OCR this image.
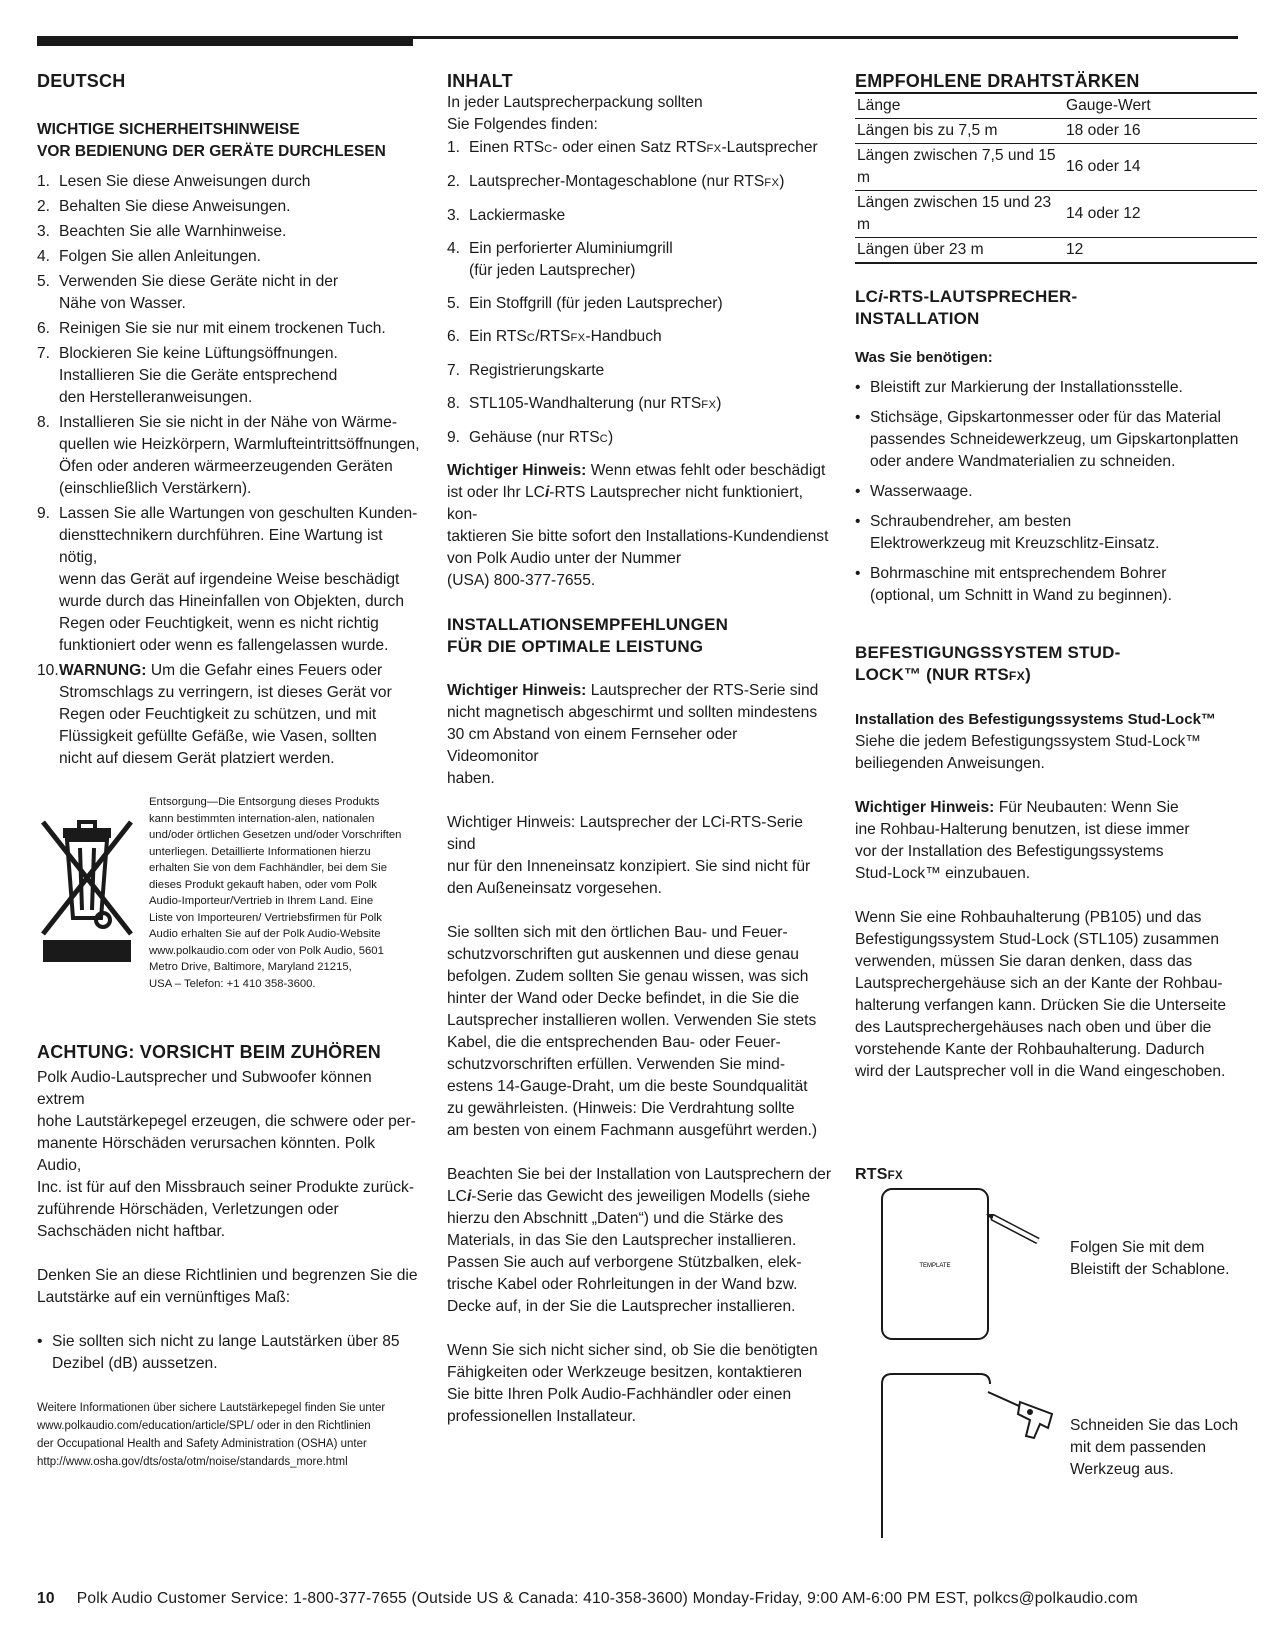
DEUTSCH
WICHTIGE SICHERHEITSHINWEISE
VOR BEDIENUNG DER GERÄTE DURCHLESEN
1. Lesen Sie diese Anweisungen durch
2. Behalten Sie diese Anweisungen.
3. Beachten Sie alle Warnhinweise.
4. Folgen Sie allen Anleitungen.
5. Verwenden Sie diese Geräte nicht in der
Nähe von Wasser.
6. Reinigen Sie sie nur mit einem trockenen Tuch.
7. Blockieren Sie keine Lüftungsöffnungen.
Installieren Sie die Geräte entsprechend
den Herstelleranweisungen.
8. Installieren Sie sie nicht in der Nähe von Wärme-
quellen wie Heizkörpern, Warmlufteintrittsöffnungen,
Öfen oder anderen wärmeerzeugenden Geräten
(einschließlich Verstärkern).
9. Lassen Sie alle Wartungen von geschulten Kunden-
diensttechnikern durchführen. Eine Wartung ist nötig,
wenn das Gerät auf irgendeine Weise beschädigt
wurde durch das Hineinfallen von Objekten, durch
Regen oder Feuchtigkeit, wenn es nicht richtig
funktioniert oder wenn es fallengelassen wurde.
10. WARNUNG: Um die Gefahr eines Feuers oder
Stromschlags zu verringern, ist dieses Gerät vor
Regen oder Feuchtigkeit zu schützen, und mit
Flüssigkeit gefüllte Gefäße, wie Vasen, sollten
nicht auf diesem Gerät platziert werden.
Entsorgung—Die Entsorgung dieses Produkts
kann bestimmten internation-alen, nationalen
und/oder örtlichen Gesetzen und/oder Vorschriften
unterliegen. Detaillierte Informationen hierzu
erhalten Sie von dem Fachhändler, bei dem Sie
dieses Produkt gekauft haben, oder vom Polk
Audio-Importeur/Vertrieb in Ihrem Land. Eine
Liste von Importeuren/ Vertriebsfirmen für Polk
Audio erhalten Sie auf der Polk Audio-Website
www.polkaudio.com oder von Polk Audio, 5601
Metro Drive, Baltimore, Maryland 21215,
USA – Telefon: +1 410 358-3600.
ACHTUNG: VORSICHT BEIM ZUHÖREN

Polk Audio-Lautsprecher und Subwoofer können extrem
hohe Lautstärkepegel erzeugen, die schwere oder per-
manente Hörschäden verursachen könnten. Polk Audio,
Inc. ist für auf den Missbrauch seiner Produkte zurück-
zuführende Hörschäden, Verletzungen oder
Sachschäden nicht haftbar.

Denken Sie an diese Richtlinien und begrenzen Sie die
Lautstärke auf ein vernünftiges Maß:

• Sie sollten sich nicht zu lange Lautstärken über 85
Dezibel (dB) aussetzen.

Weitere Informationen über sichere Lautstärkepegel finden Sie unter
www.polkaudio.com/education/article/SPL/ oder in den Richtlinien
der Occupational Health and Safety Administration (OSHA) unter
http://www.osha.gov/dts/osta/otm/noise/standards_more.html

INHALT

In jeder Lautsprecherpackung sollten
Sie Folgendes finden:

1. Einen RTSC- oder einen Satz RTSFX-Lautsprecher
2. Lautsprecher-Montageschablone (nur RTSFX)
3. Lackiermaske
4. Ein perforierter Aluminiumgrill
(für jeden Lautsprecher)
5. Ein Stoffgrill (für jeden Lautsprecher)
6. Ein RTSC/RTSFX-Handbuch
7. Registrierungskarte
8. STL105-Wandhalterung (nur RTSFX)
9. Gehäuse (nur RTSC)

Wichtiger Hinweis: Wenn etwas fehlt oder beschädigt
ist oder Ihr LCi-RTS Lautsprecher nicht funktioniert, kon-
taktieren Sie bitte sofort den Installations-Kundendienst
von Polk Audio unter der Nummer
(USA) 800-377-7655.

INSTALLATIONSEMPFEHLUNGEN
FÜR DIE OPTIMALE LEISTUNG

Wichtiger Hinweis: Lautsprecher der RTS-Serie sind
nicht magnetisch abgeschirmt und sollten mindestens
30 cm Abstand von einem Fernseher oder Videomonitor
haben.

Wichtiger Hinweis: Lautsprecher der LCi-RTS-Serie sind
nur für den Inneneinsatz konzipiert. Sie sind nicht für
den Außeneinsatz vorgesehen.

Sie sollten sich mit den örtlichen Bau- und Feuer-
schutzvorschriften gut auskennen und diese genau
befolgen. Zudem sollten Sie genau wissen, was sich
hinter der Wand oder Decke befindet, in die Sie die
Lautsprecher installieren wollen. Verwenden Sie stets
Kabel, die die entsprechenden Bau- oder Feuer-
schutzvorschriften erfüllen. Verwenden Sie mind-
estens 14-Gauge-Draht, um die beste Soundqualität
zu gewährleisten. (Hinweis: Die Verdrahtung sollte
am besten von einem Fachmann ausgeführt werden.)

Beachten Sie bei der Installation von Lautsprechern der
LCi-Serie das Gewicht des jeweiligen Modells (siehe
hierzu den Abschnitt „Daten“) und die Stärke des
Materials, in das Sie den Lautsprecher installieren.
Passen Sie auch auf verborgene Stützbalken, elek-
trische Kabel oder Rohrleitungen in der Wand bzw.
Decke auf, in der Sie die Lautsprecher installieren.

Wenn Sie sich nicht sicher sind, ob Sie die benötigten
Fähigkeiten oder Werkzeuge besitzen, kontaktieren
Sie bitte Ihren Polk Audio-Fachhändler oder einen
professionellen Installateur.

EMPFOHLENE DRAHTSTÄRKEN
Länge	Gauge-Wert
Längen bis zu 7,5 m	18 oder 16
Längen zwischen 7,5 und 15 m	16 oder 14
Längen zwischen 15 und 23 m	14 oder 12
Längen über 23 m	12
LCi-RTS-LAUTSPRECHER-
INSTALLATION
Was Sie benötigen:
• Bleistift zur Markierung der Installationsstelle.
• Stichsäge, Gipskartonmesser oder für das Material
passendes Schneidewerkzeug, um Gipskartonplatten
oder andere Wandmaterialien zu schneiden.
• Wasserwaage.
• Schraubendreher, am besten
Elektrowerkzeug mit Kreuzschlitz-Einsatz.
• Bohrmaschine mit entsprechendem Bohrer
(optional, um Schnitt in Wand zu beginnen).
BEFESTIGUNGSSYSTEM STUD-
LOCK™ (NUR RTSFX)

Installation des Befestigungssystems Stud-Lock™
Siehe die jedem Befestigungssystem Stud-Lock™
beiliegenden Anweisungen.

Wichtiger Hinweis: Für Neubauten: Wenn Sie
ine Rohbau-Halterung benutzen, ist diese immer
vor der Installation des Befestigungssystems
Stud-Lock™ einzubauen.

Wenn Sie eine Rohbauhalterung (PB105) und das
Befestigungssystem Stud-Lock (STL105) zusammen
verwenden, müssen Sie daran denken, dass das
Lautsprechergehäuse sich an der Kante der Rohbau-
halterung verfangen kann. Drücken Sie die Unterseite
des Lautsprechergehäuses nach oben und über die
vorstehende Kante der Rohbauhalterung. Dadurch
wird der Lautsprecher voll in die Wand eingeschoben.

RTSFX
TEMPLATE
Folgen Sie mit dem
Bleistift der Schablone.
Schneiden Sie das Loch
mit dem passenden
Werkzeug aus.
10 Polk Audio Customer Service: 1-800-377-7655 (Outside US & Canada: 410-358-3600) Monday-Friday, 9:00 AM-6:00 PM EST, polkcs@polkaudio.com
